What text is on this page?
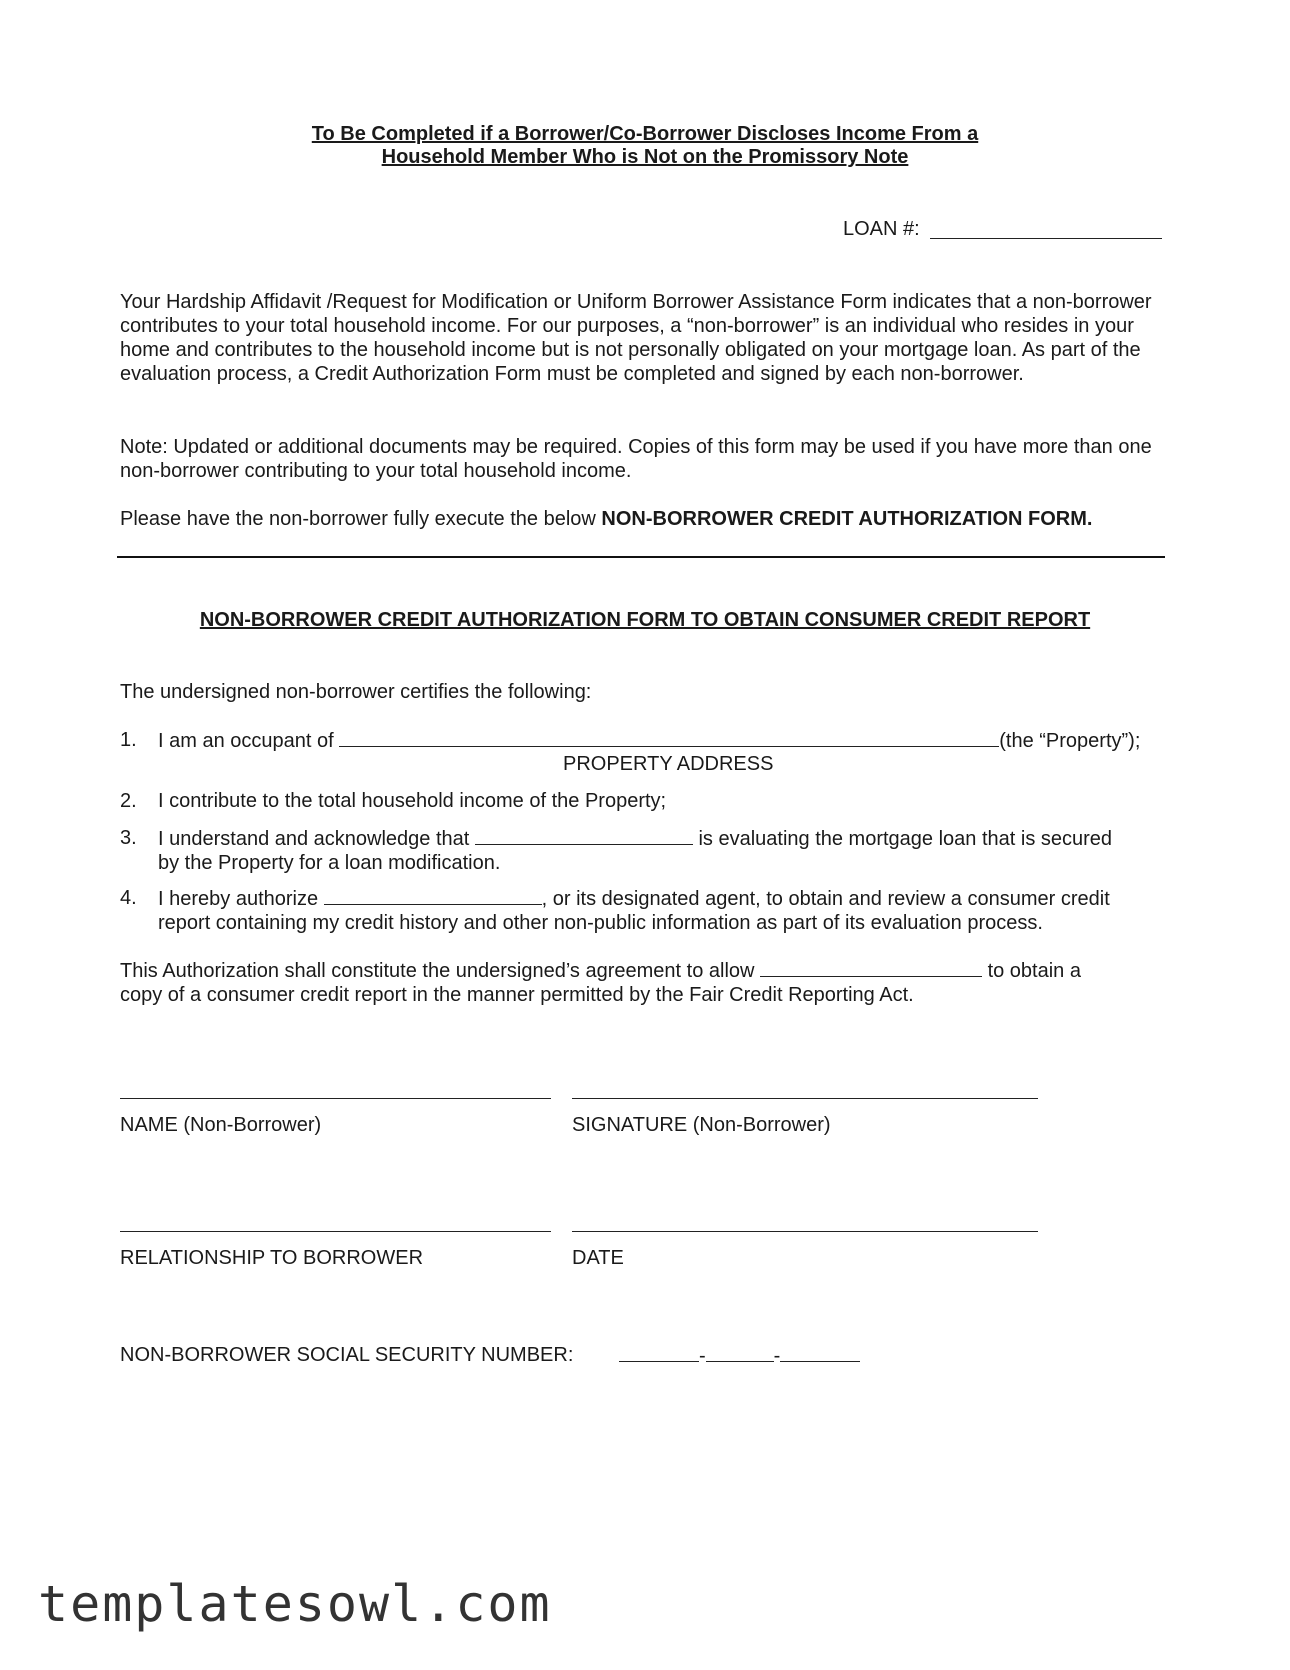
To Be Completed if a Borrower/Co-Borrower Discloses Income From a
Household Member Who is Not on the Promissory Note
LOAN #:
Your Hardship Affidavit /Request for Modification or Uniform Borrower Assistance Form indicates that a non-borrower contributes to your total household income. For our purposes, a “non-borrower” is an individual who resides in your home and contributes to the household income but is not personally obligated on your mortgage loan. As part of the evaluation process, a Credit Authorization Form must be completed and signed by each non-borrower.
Note: Updated or additional documents may be required. Copies of this form may be used if you have more than one non-borrower contributing to your total household income.
Please have the non-borrower fully execute the below NON-BORROWER CREDIT AUTHORIZATION FORM.
NON-BORROWER CREDIT AUTHORIZATION FORM TO OBTAIN CONSUMER CREDIT REPORT
The undersigned non-borrower certifies the following:
1. I am an occupant of	(the “Property”);
PROPERTY ADDRESS
2. I contribute to the total household income of the Property;
3. I understand and acknowledge that	is evaluating the mortgage loan that is secured
by the Property for a loan modification.
4. I hereby authorize	, or its designated agent, to obtain and review a consumer credit
report containing my credit history and other non-public information as part of its evaluation process.
This Authorization shall constitute the undersigned’s agreement to allow	to obtain a
copy of a consumer credit report in the manner permitted by the Fair Credit Reporting Act.
NAME (Non-Borrower)	SIGNATURE (Non-Borrower)
RELATIONSHIP TO BORROWER	DATE
NON-BORROWER SOCIAL SECURITY NUMBER:	-	-
templatesowl.com
